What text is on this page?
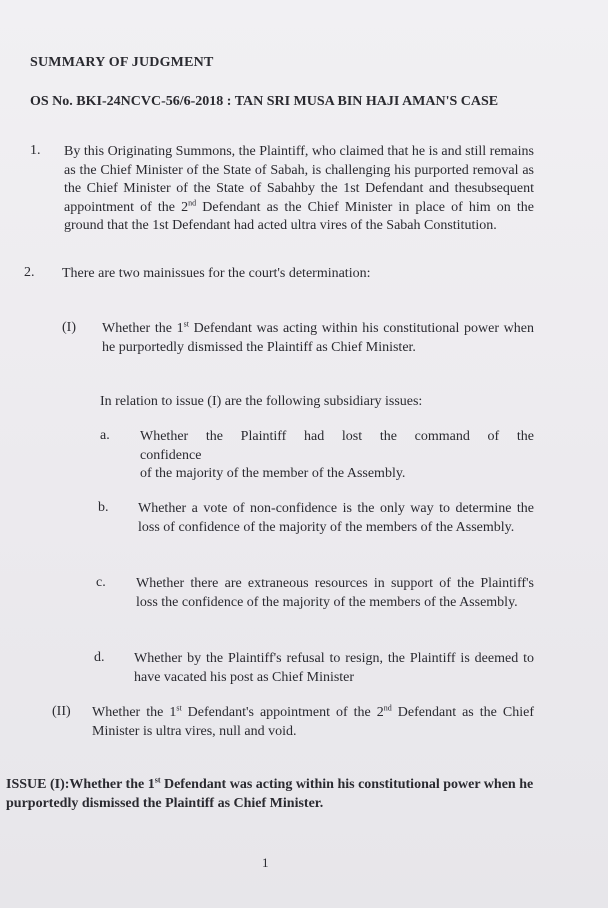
SUMMARY OF JUDGMENT
OS No. BKI-24NCVC-56/6-2018 : TAN SRI MUSA BIN HAJI AMAN'S CASE
1. By this Originating Summons, the Plaintiff, who claimed that he is and still remains as the Chief Minister of the State of Sabah, is challenging his purported removal as the Chief Minister of the State of Sabahby the 1st Defendant and thesubsequent appointment of the 2nd Defendant as the Chief Minister in place of him on the ground that the 1st Defendant had acted ultra vires of the Sabah Constitution.
2. There are two mainissues for the court's determination:
(I) Whether the 1st Defendant was acting within his constitutional power when he purportedly dismissed the Plaintiff as Chief Minister.
In relation to issue (I) are the following subsidiary issues:
a. Whether the Plaintiff had lost the command of the
confidence
of the majority of the member of the Assembly.
b. Whether a vote of non-confidence is the only way to determine the loss of confidence of the majority of the members of the Assembly.
c. Whether there are extraneous resources in support of the Plaintiff's loss the confidence of the majority of the members of the Assembly.
d. Whether by the Plaintiff's refusal to resign, the Plaintiff is deemed to have vacated his post as Chief Minister
(II) Whether the 1st Defendant's appointment of the 2nd Defendant as the Chief Minister is ultra vires, null and void.
ISSUE (I):Whether the 1st Defendant was acting within his constitutional power when he purportedly dismissed the Plaintiff as Chief Minister.
1
